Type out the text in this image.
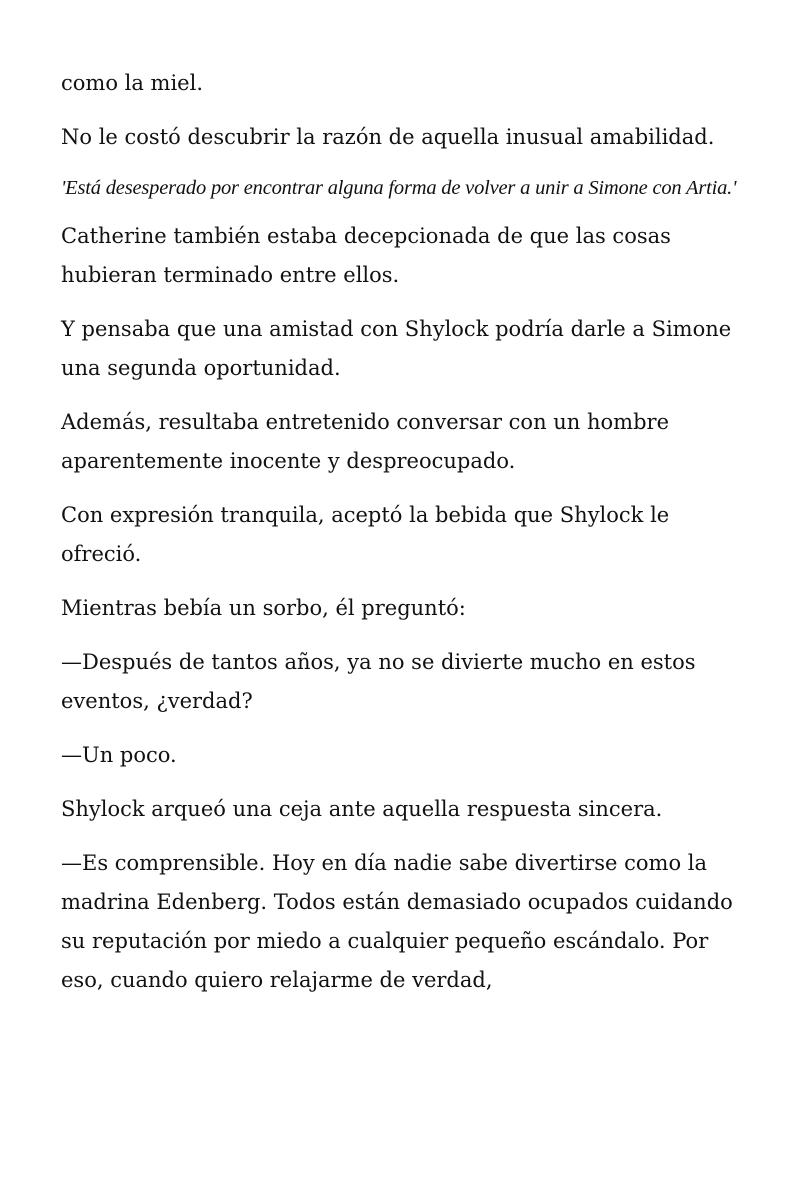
como la miel.

No le costó descubrir la razón de aquella inusual amabilidad.

'Está desesperado por encontrar alguna forma de volver a unir a Simone con Artia.'

Catherine también estaba decepcionada de que las cosas hubieran terminado entre ellos.

Y pensaba que una amistad con Shylock podría darle a Simone una segunda oportunidad.

Además, resultaba entretenido conversar con un hombre aparentemente inocente y despreocupado.

Con expresión tranquila, aceptó la bebida que Shylock le ofreció.

Mientras bebía un sorbo, él preguntó:

—Después de tantos años, ya no se divierte mucho en estos eventos, ¿verdad?

—Un poco.

Shylock arqueó una ceja ante aquella respuesta sincera.

—Es comprensible. Hoy en día nadie sabe divertirse como la madrina Edenberg. Todos están demasiado ocupados cuidando su reputación por miedo a cualquier pequeño escándalo. Por eso, cuando quiero relajarme de verdad,
